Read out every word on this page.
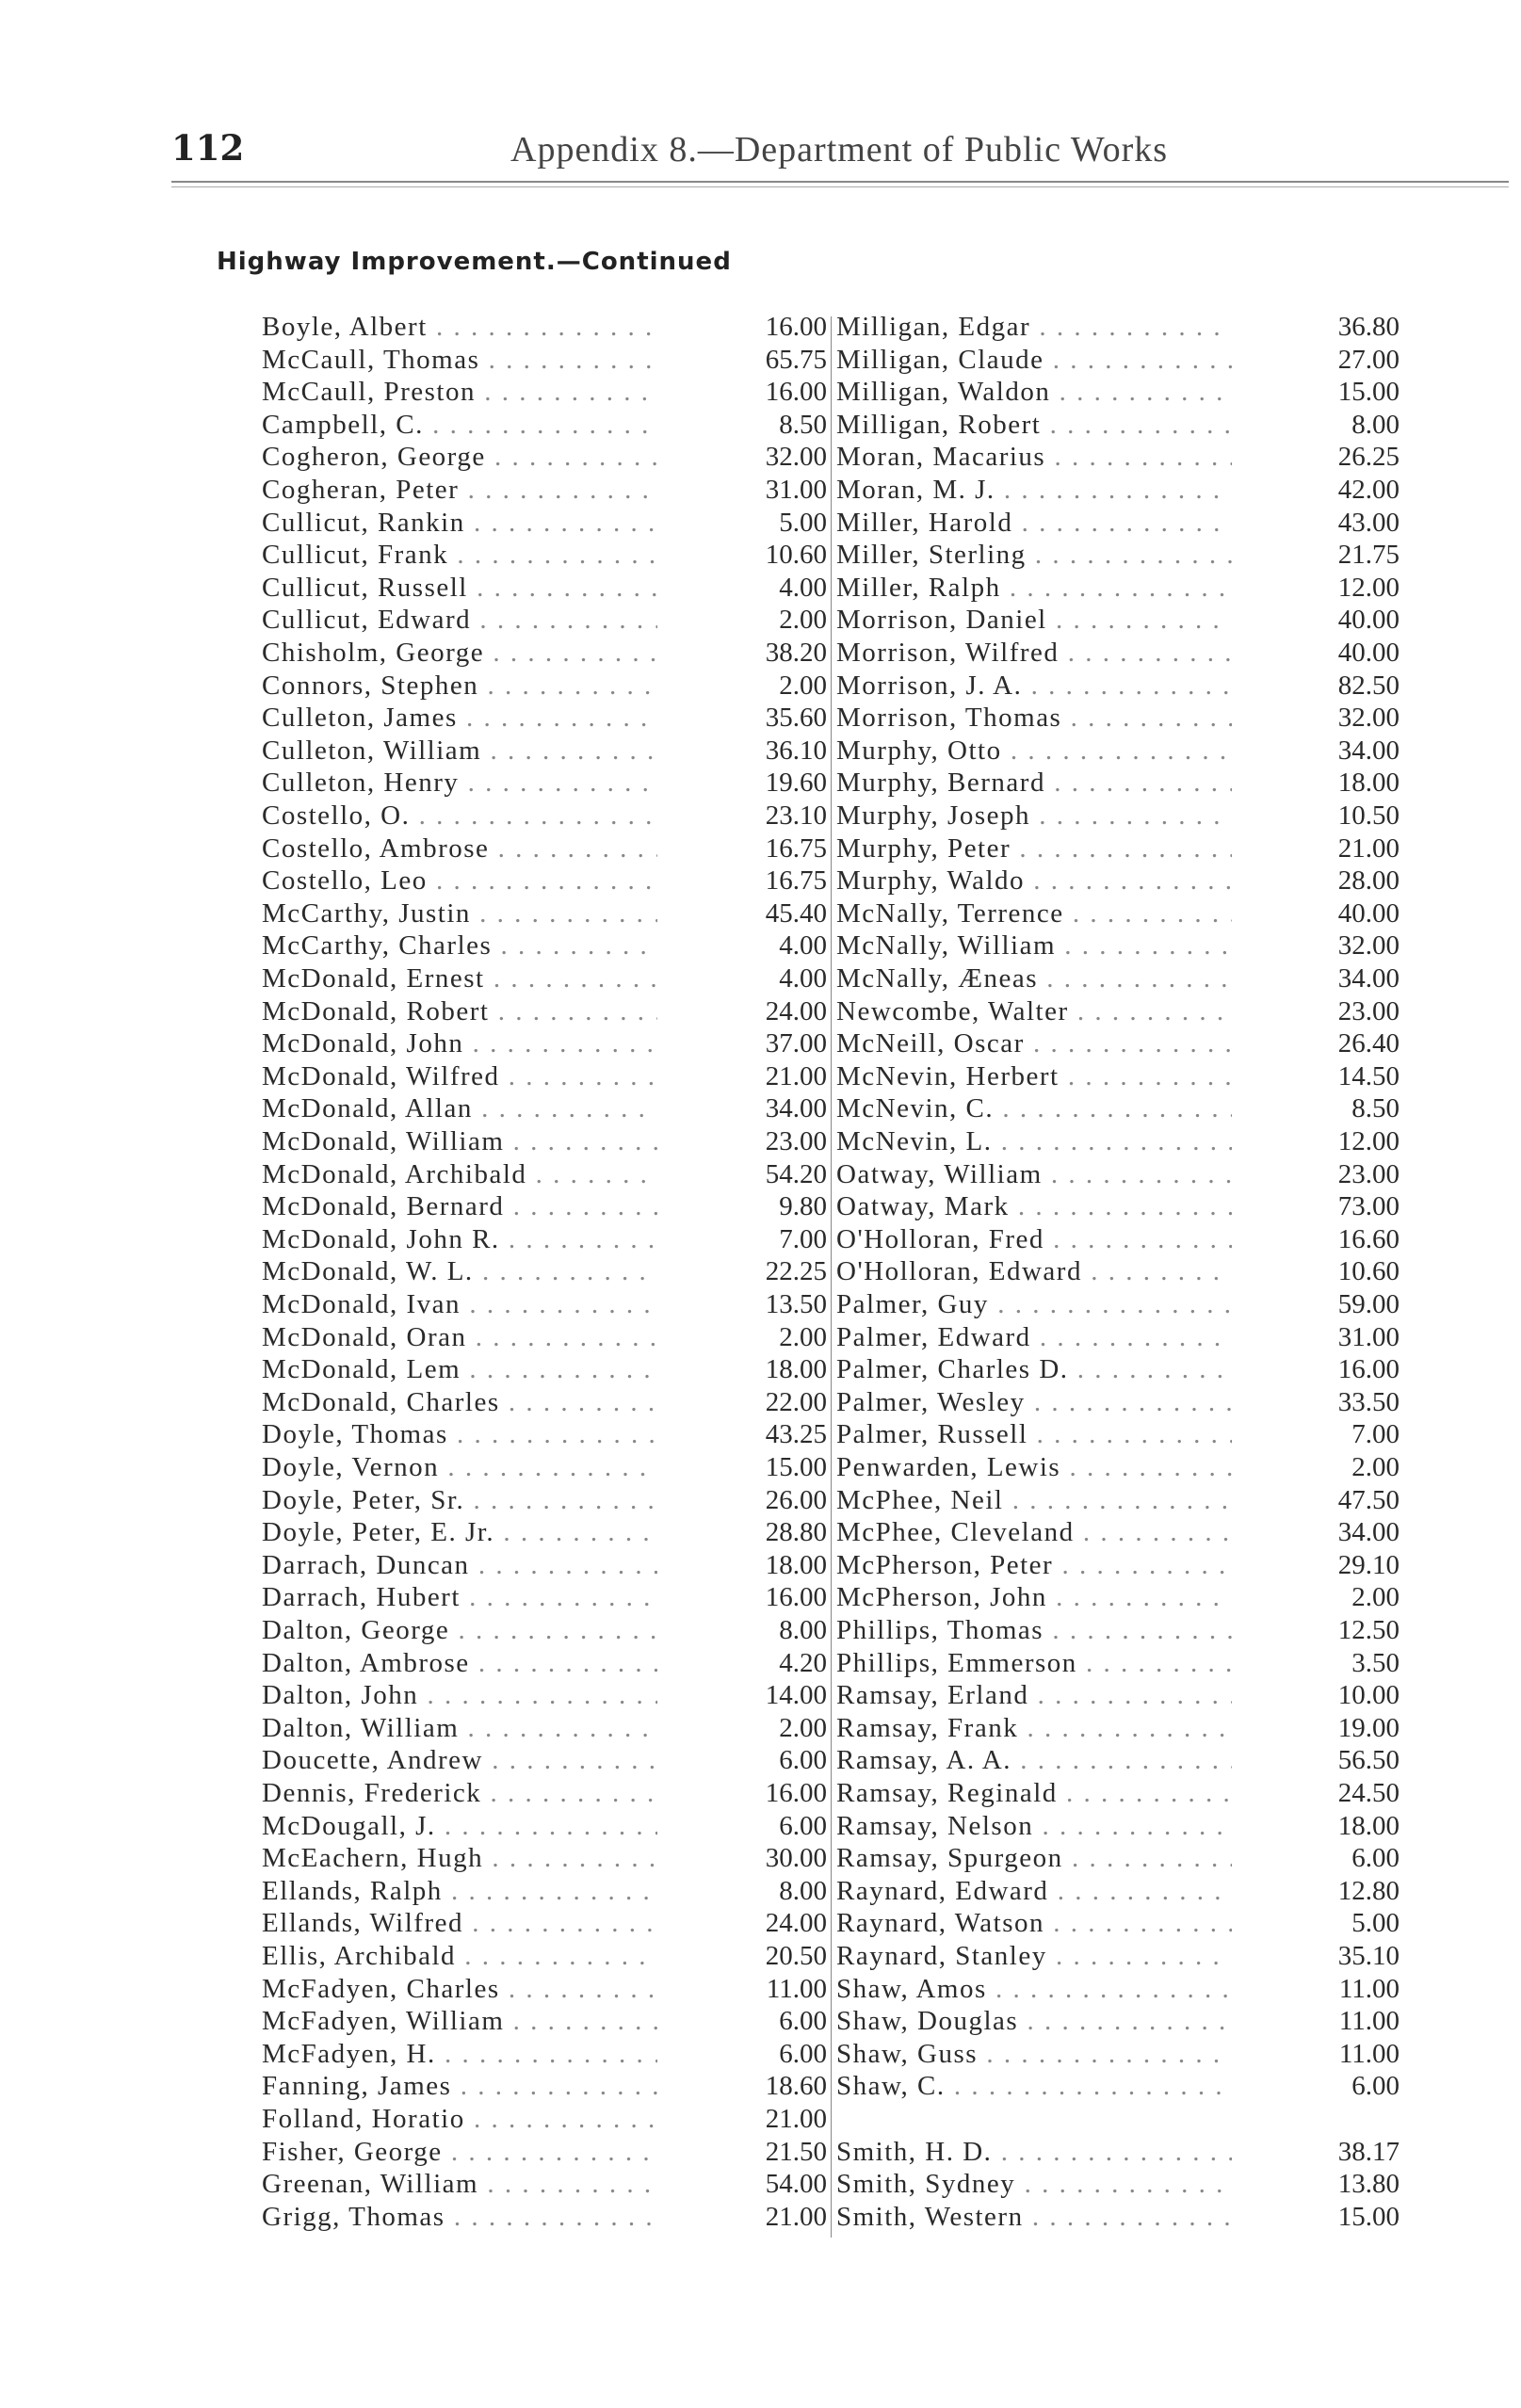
112	Appendix 8.—Department of Public Works
Highway Improvement.—Continued
Boyle, Albert . . .	16.00 Milligan, Edgar . . .	36.80
McCaull, Thomas . . .	65.75 Milligan, Claude . . .	27.00
McCaull, Preston . . .	16.00 Milligan, Waldon . . .	15.00
Campbell, C. . . .	8.50 Milligan, Robert . . .	8.00
Cogheron, George . . .	32.00 Moran, Macarius . . .	26.25
Cogheran, Peter . . .	31.00 Moran, M. J. . . .	42.00
Cullicut, Rankin . . .	5.00 Miller, Harold . . .	43.00
Cullicut, Frank . . .	10.60 Miller, Sterling . . .	21.75
Cullicut, Russell . . .	4.00 Miller, Ralph . . .	12.00
Cullicut, Edward . . .	2.00 Morrison, Daniel . . .	40.00
Chisholm, George . . .	38.20 Morrison, Wilfred . . .	40.00
Connors, Stephen . . .	2.00 Morrison, J. A. . . .	82.50
Culleton, James . . .	35.60 Morrison, Thomas . . .	32.00
Culleton, William . . .	36.10 Murphy, Otto . . .	34.00
Culleton, Henry . . .	19.60 Murphy, Bernard . . .	18.00
Costello, O. . . .	23.10 Murphy, Joseph . . .	10.50
Costello, Ambrose . . .	16.75 Murphy, Peter . . .	21.00
Costello, Leo . . .	16.75 Murphy, Waldo . . .	28.00
McCarthy, Justin . . .	45.40 McNally, Terrence . . .	40.00
McCarthy, Charles . . .	4.00 McNally, William . . .	32.00
McDonald, Ernest . . .	4.00 McNally, Æneas . . .	34.00
McDonald, Robert . . .	24.00 Newcombe, Walter . . .	23.00
McDonald, John . . .	37.00 McNeill, Oscar . . .	26.40
McDonald, Wilfred . . .	21.00 McNevin, Herbert . . .	14.50
McDonald, Allan . . .	34.00 McNevin, C. . . .	8.50
McDonald, William . . .	23.00 McNevin, L. . . .	12.00
McDonald, Archibald . . .	54.20 Oatway, William . . .	23.00
McDonald, Bernard . . .	9.80 Oatway, Mark . . .	73.00
McDonald, John R. . . .	7.00 O'Holloran, Fred . . .	16.60
McDonald, W. L. . . .	22.25 O'Holloran, Edward . . .	10.60
McDonald, Ivan . . .	13.50 Palmer, Guy . . .	59.00
McDonald, Oran . . .	2.00 Palmer, Edward . . .	31.00
McDonald, Lem . . .	18.00 Palmer, Charles D. . . .	16.00
McDonald, Charles . . .	22.00 Palmer, Wesley . . .	33.50
Doyle, Thomas . . .	43.25 Palmer, Russell . . .	7.00
Doyle, Vernon . . .	15.00 Penwarden, Lewis . . .	2.00
Doyle, Peter, Sr. . . .	26.00 McPhee, Neil . . .	47.50
Doyle, Peter, E. Jr. . . .	28.80 McPhee, Cleveland . . .	34.00
Darrach, Duncan . . .	18.00 McPherson, Peter . . .	29.10
Darrach, Hubert . . .	16.00 McPherson, John . . .	2.00
Dalton, George . . .	8.00 Phillips, Thomas . . .	12.50
Dalton, Ambrose . . .	4.20 Phillips, Emmerson . . .	3.50
Dalton, John . . .	14.00 Ramsay, Erland . . .	10.00
Dalton, William . . .	2.00 Ramsay, Frank . . .	19.00
Doucette, Andrew . . .	6.00 Ramsay, A. A. . . .	56.50
Dennis, Frederick . . .	16.00 Ramsay, Reginald . . .	24.50
McDougall, J. . . .	6.00 Ramsay, Nelson . . .	18.00
McEachern, Hugh . . .	30.00 Ramsay, Spurgeon . . .	6.00
Ellands, Ralph . . .	8.00 Raynard, Edward . . .	12.80
Ellands, Wilfred . . .	24.00 Raynard, Watson . . .	5.00
Ellis, Archibald . . .	20.50 Raynard, Stanley . . .	35.10
McFadyen, Charles . . .	11.00 Shaw, Amos . . .	11.00
McFadyen, William . . .	6.00 Shaw, Douglas . . .	11.00
McFadyen, H. . . .	6.00 Shaw, Guss . . .	11.00
Fanning, James . . .	18.60 Shaw, C. . . .	6.00
Folland, Horatio . . .	21.00
Fisher, George . . .	21.50 Smith, H. D. . . .	38.17
Greenan, William . . .	54.00 Smith, Sydney . . .	13.80
Grigg, Thomas . . .	21.00 Smith, Western . . .	15.00
